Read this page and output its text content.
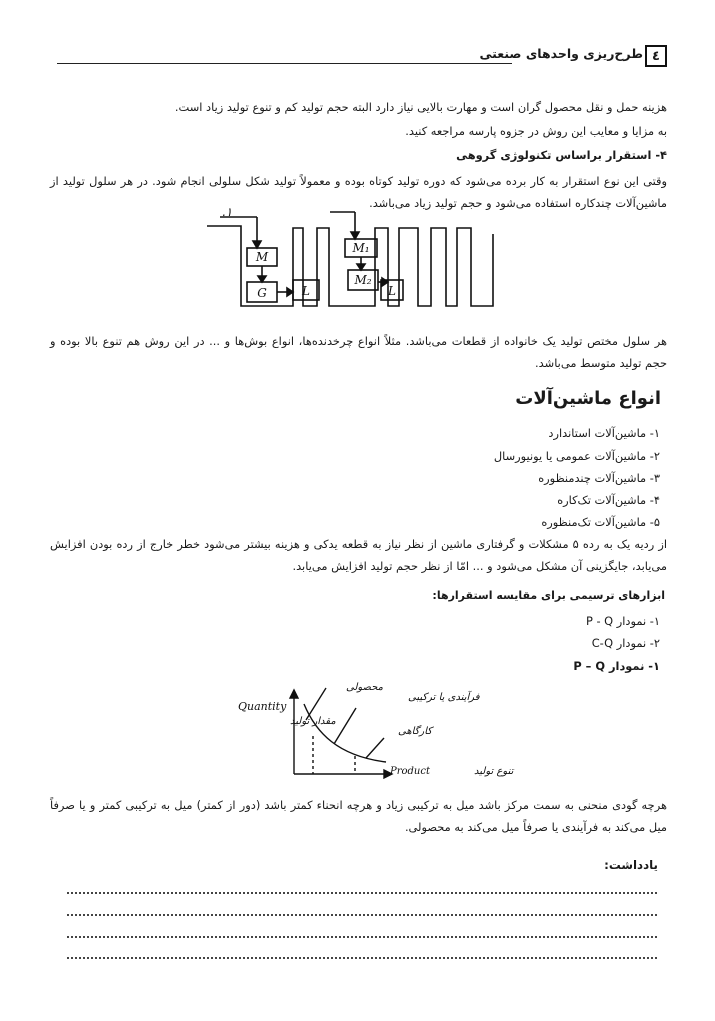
٤
طرح‌ریزی واحدهای صنعتی
هزینه حمل و نقل محصول گران است و مهارت بالایی نیاز دارد البته حجم تولید کم و تنوع تولید زیاد است.
به مزایا و معایب این روش در جزوه پارسه مراجعه کنید.
۴- استقرار براساس تکنولوژی گروهی
وقتی این نوع استقرار به کار برده می‌شود که دوره تولید کوتاه بوده و معمولاً تولید شکل سلولی انجام شود. در هر سلول تولید از ماشین‌آلات چندکاره استفاده می‌شود و حجم تولید زیاد می‌باشد.
۱.
M
G	L
M₁
M₂
L
هر سلول مختص تولید یک خانواده از قطعات می‌باشد. مثلاً انواع چرخدنده‌ها، انواع بوش‌ها و ... در این روش هم تنوع بالا بوده و حجم تولید متوسط می‌باشد.
انواع ماشین‌آلات
۱- ماشین‌آلات استاندارد
۲- ماشین‌آلات عمومی یا یونیورسال
۳- ماشین‌آلات چندمنظوره
۴- ماشین‌آلات تک‌کاره
۵- ماشین‌آلات تک‌منظوره
از ردیه یک به رده ۵ مشکلات و گرفتاری ماشین از نظر نیاز به قطعه یدکی و هزینه بیشتر می‌شود خطر خارج از رده بودن افزایش می‌یابد، جایگزینی آن مشکل می‌شود و ... امّا از نظر حجم تولید افزایش می‌یابد.
ابزارهای ترسیمی برای مقایسه استقرارها:
۱- نمودار P - Q
۲- نمودار C-Q
۱- نمودار P – Q
Quantity
مقدار تولید
Product	تنوع تولید
محصولی
فرآیندی یا ترکیبی
کارگاهی
هرچه گودی منحنی به سمت مرکز باشد میل به ترکیبی زیاد و هرچه انحناء کمتر باشد (دور از کمتر) میل به ترکیبی کمتر و یا صرفاً میل می‌کند به فرآیندی یا صرفاً میل می‌کند به محصولی.
یادداشت:
